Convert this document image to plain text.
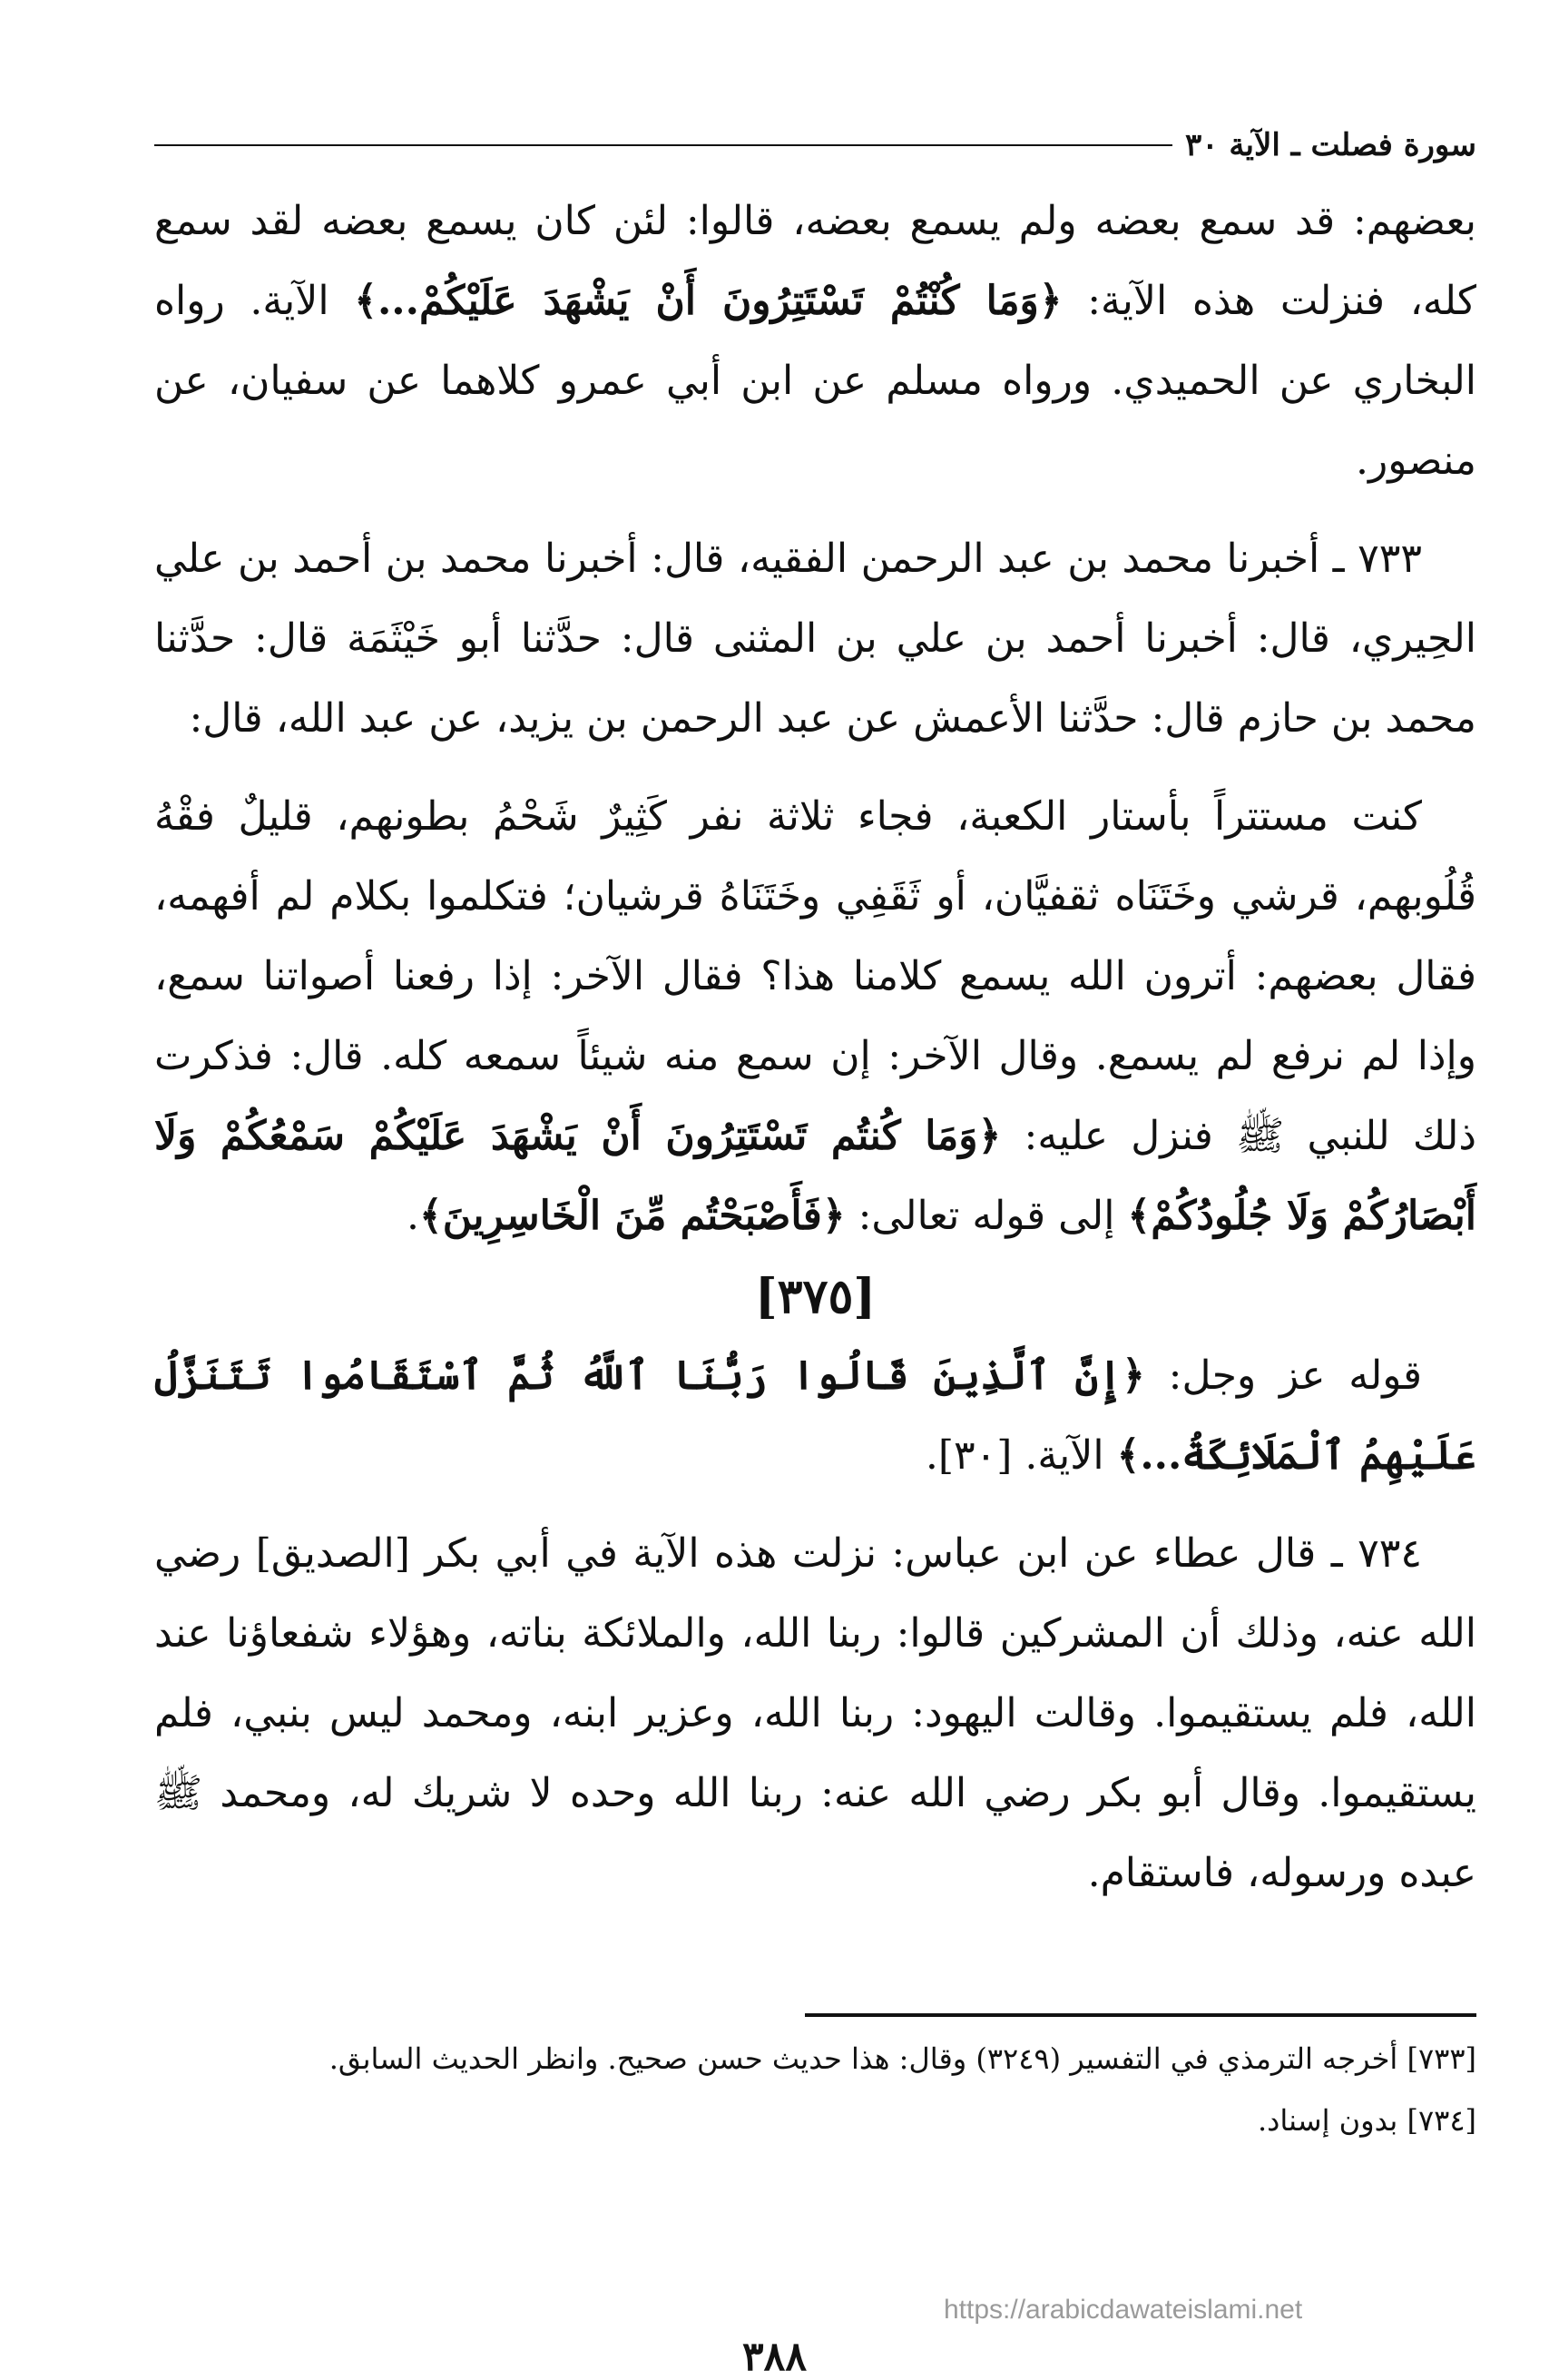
سورة فصلت ـ الآية ٣٠

بعضهم: قد سمع بعضه ولم يسمع بعضه، قالوا: لئن كان يسمع بعضه لقد سمع كله، فنزلت هذه الآية: ﴿وَمَا كُنْتُمْ تَسْتَتِرُونَ أَنْ يَشْهَدَ عَلَيْكُمْ...﴾ الآية. رواه البخاري عن الحميدي. ورواه مسلم عن ابن أبي عمرو كلاهما عن سفيان، عن منصور.

٧٣٣ ـ أخبرنا محمد بن عبد الرحمن الفقيه، قال: أخبرنا محمد بن أحمد بن علي الحِيري، قال: أخبرنا أحمد بن علي بن المثنى قال: حدَّثنا أبو خَيْثَمَة قال: حدَّثنا محمد بن حازم قال: حدَّثنا الأعمش عن عبد الرحمن بن يزيد، عن عبد الله، قال:

كنت مستتراً بأستار الكعبة، فجاء ثلاثة نفر كَثِيرٌ شَحْمُ بطونهم، قليلٌ فقْهُ قُلُوبهم، قرشي وخَتَنَاه ثقفيَّان، أو ثَقَفِي وخَتَنَاهُ قرشيان؛ فتكلموا بكلام لم أفهمه، فقال بعضهم: أترون الله يسمع كلامنا هذا؟ فقال الآخر: إذا رفعنا أصواتنا سمع، وإذا لم نرفع لم يسمع. وقال الآخر: إن سمع منه شيئاً سمعه كله. قال: فذكرت ذلك للنبي ﷺ فنزل عليه: ﴿وَمَا كُنتُم تَسْتَتِرُونَ أَنْ يَشْهَدَ عَلَيْكُمْ سَمْعُكُمْ وَلَا أَبْصَارُكُمْ وَلَا جُلُودُكُمْ﴾ إلى قوله تعالى: ﴿فَأَصْبَحْتُم مِّنَ الْخَاسِرِينَ﴾.

[٣٧٥]

قوله عز وجل: ﴿إِنَّ ٱلَّذِينَ قَالُوا رَبُّنَا ٱللَّهُ ثُمَّ ٱسْتَقَامُوا تَتَنَزَّلُ عَلَيْهِمُ ٱلْمَلَائِكَةُ...﴾ الآية. [٣٠].

٧٣٤ ـ قال عطاء عن ابن عباس: نزلت هذه الآية في أبي بكر [الصديق] رضي الله عنه، وذلك أن المشركين قالوا: ربنا الله، والملائكة بناته، وهؤلاء شفعاؤنا عند الله، فلم يستقيموا. وقالت اليهود: ربنا الله، وعزير ابنه، ومحمد ليس بنبي، فلم يستقيموا. وقال أبو بكر رضي الله عنه: ربنا الله وحده لا شريك له، ومحمد ﷺ عبده ورسوله، فاستقام.

[٧٣٣] أخرجه الترمذي في التفسير (٣٢٤٩) وقال: هذا حديث حسن صحيح. وانظر الحديث السابق.

[٧٣٤] بدون إسناد.

https://arabicdawateislami.net
٣٨٨
